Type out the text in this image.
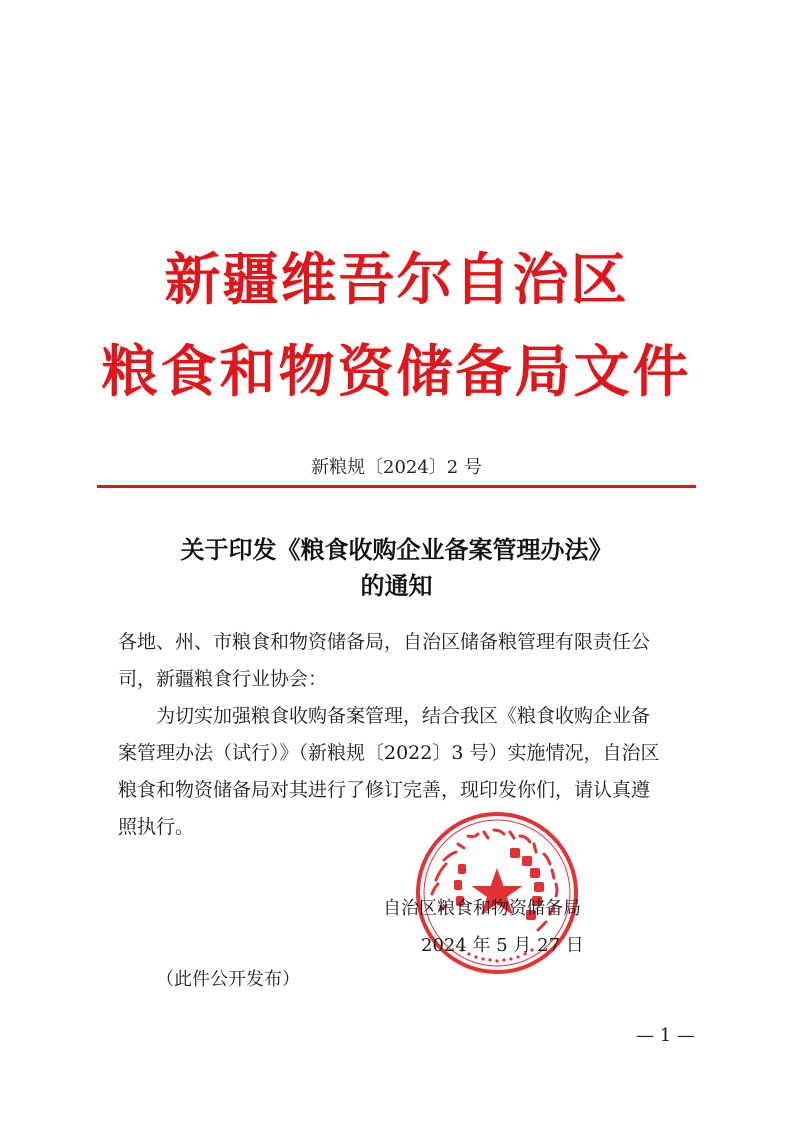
新疆维吾尔自治区
粮食和物资储备局文件
新粮规〔2024〕2 号
关于印发《粮食收购企业备案管理办法》
的通知

各地、州、市粮食和物资储备局，自治区储备粮管理有限责任公

司，新疆粮食行业协会：

为切实加强粮食收购备案管理，结合我区《粮食收购企业备

案管理办法（试行）》（新粮规〔2022〕3 号）实施情况，自治区

粮食和物资储备局对其进行了修订完善，现印发你们，请认真遵

照执行。

自治区粮食和物资储备局
2024 年 5 月 27 日
（此件公开发布）
— 1 —
